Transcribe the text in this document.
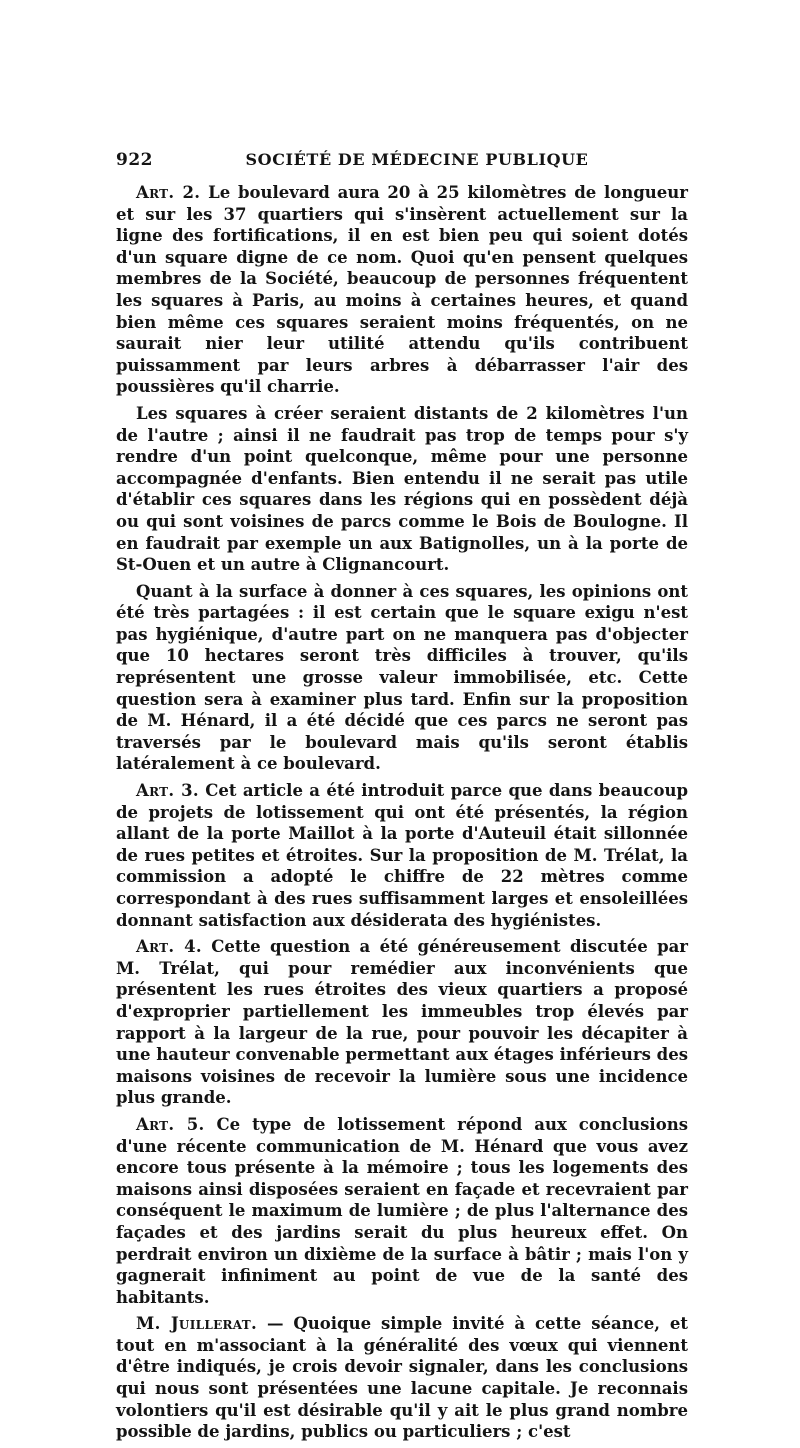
922	SOCIÉTÉ DE MÉDECINE PUBLIQUE

Art. 2. Le boulevard aura 20 à 25 kilomètres de longueur et sur les 37 quartiers qui s'insèrent actuellement sur la ligne des fortifications, il en est bien peu qui soient dotés d'un square digne de ce nom. Quoi qu'en pensent quelques membres de la Société, beaucoup de personnes fréquentent les squares à Paris, au moins à certaines heures, et quand bien même ces squares seraient moins fréquentés, on ne saurait nier leur utilité attendu qu'ils contribuent puissamment par leurs arbres à débarrasser l'air des poussières qu'il charrie.

Les squares à créer seraient distants de 2 kilomètres l'un de l'autre ; ainsi il ne faudrait pas trop de temps pour s'y rendre d'un point quelconque, même pour une personne accompagnée d'enfants. Bien entendu il ne serait pas utile d'établir ces squares dans les régions qui en possèdent déjà ou qui sont voisines de parcs comme le Bois de Boulogne. Il en faudrait par exemple un aux Batignolles, un à la porte de St-Ouen et un autre à Clignancourt.

Quant à la surface à donner à ces squares, les opinions ont été très partagées : il est certain que le square exigu n'est pas hygiénique, d'autre part on ne manquera pas d'objecter que 10 hectares seront très difficiles à trouver, qu'ils représentent une grosse valeur immobilisée, etc. Cette question sera à examiner plus tard. Enfin sur la proposition de M. Hénard, il a été décidé que ces parcs ne seront pas traversés par le boulevard mais qu'ils seront établis latéralement à ce boulevard.

Art. 3. Cet article a été introduit parce que dans beaucoup de projets de lotissement qui ont été présentés, la région allant de la porte Maillot à la porte d'Auteuil était sillonnée de rues petites et étroites. Sur la proposition de M. Trélat, la commission a adopté le chiffre de 22 mètres comme correspondant à des rues suffisamment larges et ensoleillées donnant satisfaction aux désiderata des hygiénistes.

Art. 4. Cette question a été généreusement discutée par M. Trélat, qui pour remédier aux inconvénients que présentent les rues étroites des vieux quartiers a proposé d'exproprier partiellement les immeubles trop élevés par rapport à la largeur de la rue, pour pouvoir les décapiter à une hauteur convenable permettant aux étages inférieurs des maisons voisines de recevoir la lumière sous une incidence plus grande.

Art. 5. Ce type de lotissement répond aux conclusions d'une récente communication de M. Hénard que vous avez encore tous présente à la mémoire ; tous les logements des maisons ainsi disposées seraient en façade et recevraient par conséquent le maximum de lumière ; de plus l'alternance des façades et des jardins serait du plus heureux effet. On perdrait environ un dixième de la surface à bâtir ; mais l'on y gagnerait infiniment au point de vue de la santé des habitants.

M. Juillerat. — Quoique simple invité à cette séance, et tout en m'associant à la généralité des vœux qui viennent d'être indiqués, je crois devoir signaler, dans les conclusions qui nous sont présentées une lacune capitale. Je reconnais volontiers qu'il est désirable qu'il y ait le plus grand nombre possible de jardins, publics ou particuliers ; c'est
